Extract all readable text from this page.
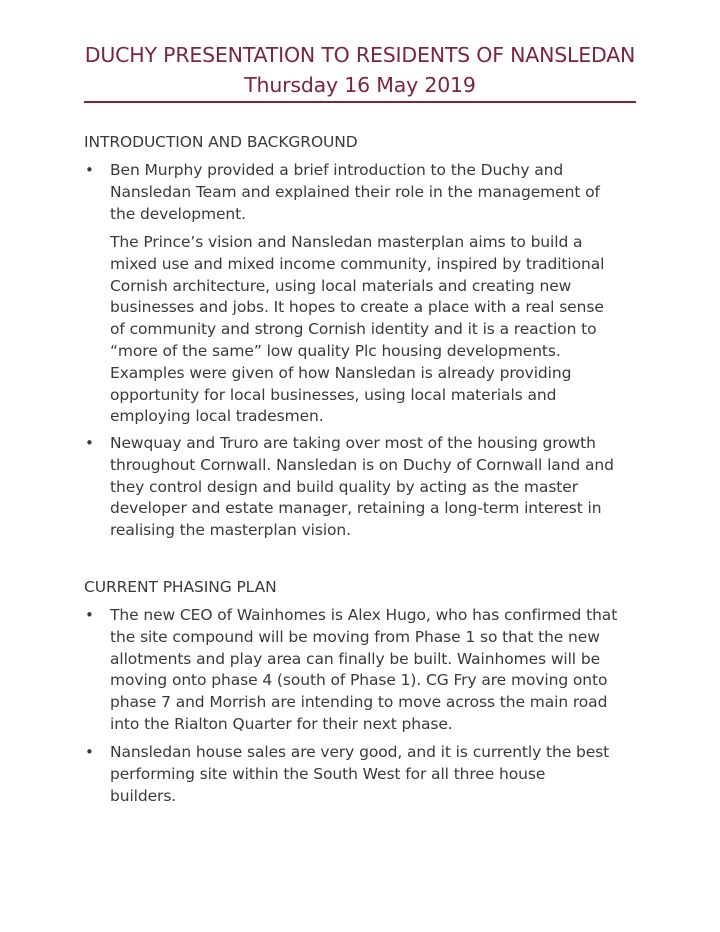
DUCHY PRESENTATION TO RESIDENTS OF NANSLEDAN
Thursday 16 May 2019
INTRODUCTION AND BACKGROUND
• Ben Murphy provided a brief introduction to the Duchy and
Nansledan Team and explained their role in the management of
the development.
The Prince’s vision and Nansledan masterplan aims to build a
mixed use and mixed income community, inspired by traditional
Cornish architecture, using local materials and creating new
businesses and jobs. It hopes to create a place with a real sense
of community and strong Cornish identity and it is a reaction to
“more of the same” low quality Plc housing developments.
Examples were given of how Nansledan is already providing
opportunity for local businesses, using local materials and
employing local tradesmen.
• Newquay and Truro are taking over most of the housing growth
throughout Cornwall. Nansledan is on Duchy of Cornwall land and
they control design and build quality by acting as the master
developer and estate manager, retaining a long-term interest in
realising the masterplan vision.
CURRENT PHASING PLAN
• The new CEO of Wainhomes is Alex Hugo, who has confirmed that
the site compound will be moving from Phase 1 so that the new
allotments and play area can finally be built. Wainhomes will be
moving onto phase 4 (south of Phase 1). CG Fry are moving onto
phase 7 and Morrish are intending to move across the main road
into the Rialton Quarter for their next phase.
• Nansledan house sales are very good, and it is currently the best
performing site within the South West for all three house
builders.
